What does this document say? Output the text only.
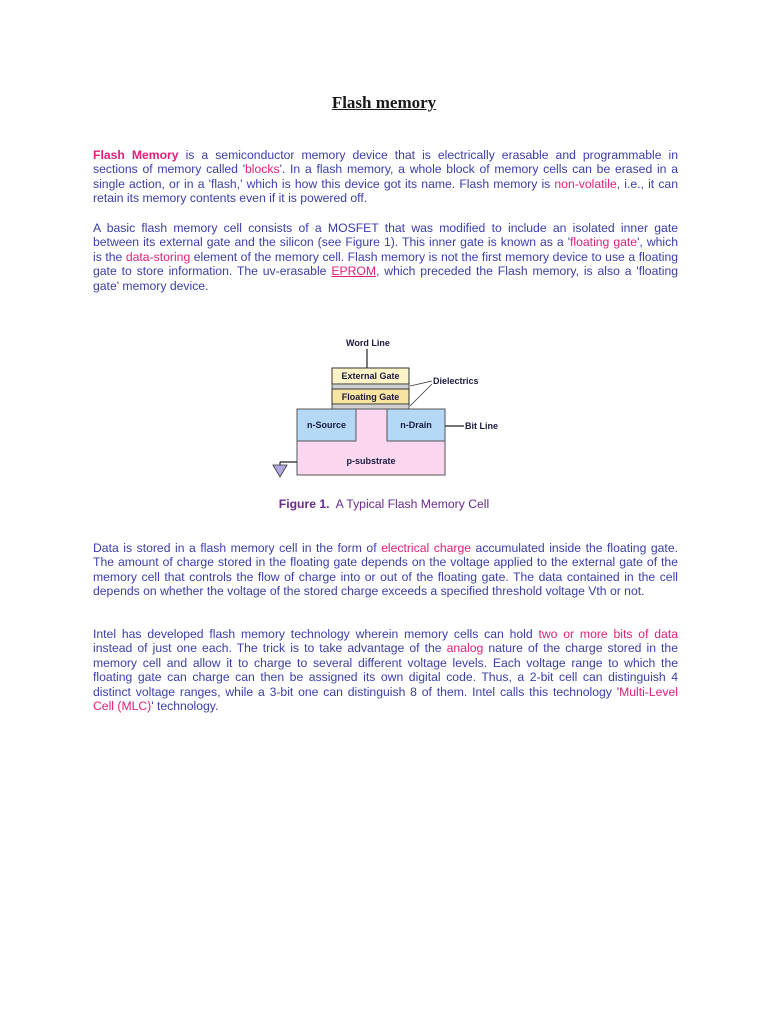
Flash memory

Flash Memory is a semiconductor memory device that is electrically erasable and programmable in sections of memory called 'blocks'. In a flash memory, a whole block of memory cells can be erased in a single action, or in a 'flash,' which is how this device got its name. Flash memory is non-volatile, i.e., it can retain its memory contents even if it is powered off.

A basic flash memory cell consists of a MOSFET that was modified to include an isolated inner gate between its external gate and the silicon (see Figure 1). This inner gate is known as a 'floating gate', which is the data-storing element of the memory cell. Flash memory is not the first memory device to use a floating gate to store information. The uv-erasable EPROM, which preceded the Flash memory, is also a 'floating gate' memory device.

Word Line
External Gate
Floating Gate
Dielectrics
p-substrate
n-Source	n-Drain	Bit Line

Figure 1.  A Typical Flash Memory Cell

Data is stored in a flash memory cell in the form of electrical charge accumulated inside the floating gate. The amount of charge stored in the floating gate depends on the voltage applied to the external gate of the memory cell that controls the flow of charge into or out of the floating gate. The data contained in the cell depends on whether the voltage of the stored charge exceeds a specified threshold voltage Vth or not.

Intel has developed flash memory technology wherein memory cells can hold two or more bits of data instead of just one each. The trick is to take advantage of the analog nature of the charge stored in the memory cell and allow it to charge to several different voltage levels. Each voltage range to which the floating gate can charge can then be assigned its own digital code. Thus, a 2-bit cell can distinguish 4 distinct voltage ranges, while a 3-bit one can distinguish 8 of them. Intel calls this technology 'Multi-Level Cell (MLC)' technology.
